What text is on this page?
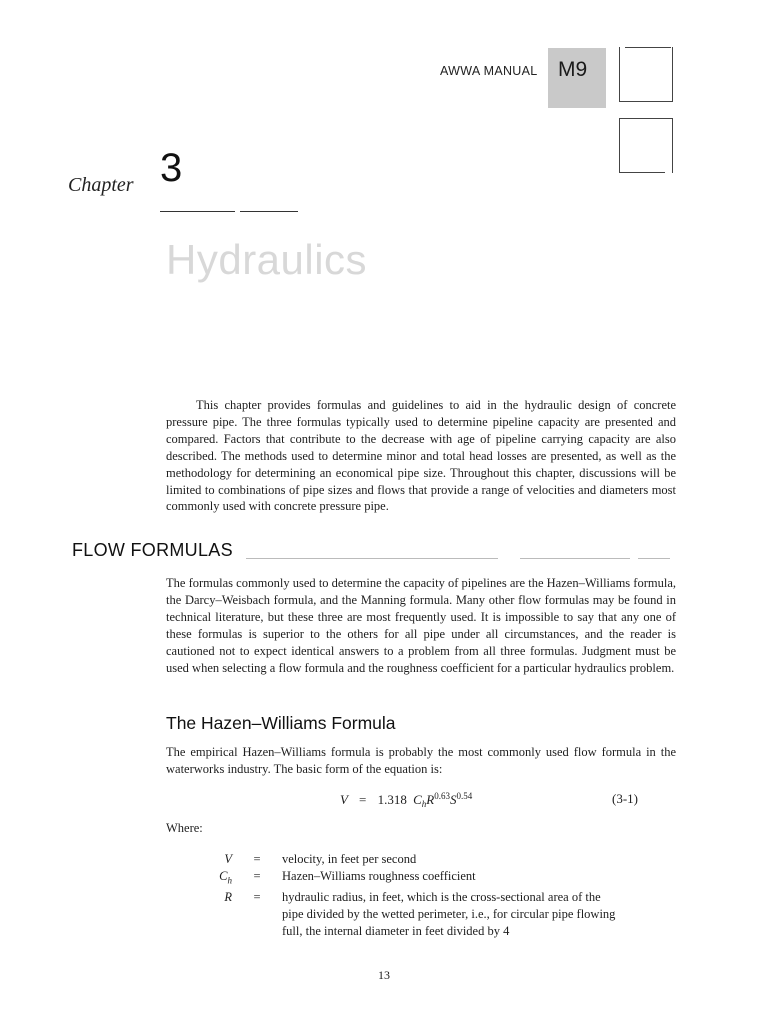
AWWA MANUAL M9
Chapter 3
Hydraulics

This chapter provides formulas and guidelines to aid in the hydraulic design of concrete pressure pipe. The three formulas typically used to determine pipeline capacity are presented and compared. Factors that contribute to the decrease with age of pipeline carrying capacity are also described. The methods used to determine minor and total head losses are presented, as well as the methodology for determining an economical pipe size. Throughout this chapter, discussions will be limited to combinations of pipe sizes and flows that provide a range of velocities and diameters most commonly used with concrete pressure pipe.

FLOW FORMULAS

The formulas commonly used to determine the capacity of pipelines are the Hazen–Williams formula, the Darcy–Weisbach formula, and the Manning formula. Many other flow formulas may be found in technical literature, but these three are most frequently used. It is impossible to say that any one of these formulas is superior to the others for all pipe under all circumstances, and the reader is cautioned not to expect identical answers to a problem from all three formulas. Judgment must be used when selecting a flow formula and the roughness coefficient for a particular hydraulics problem.

The Hazen–Williams Formula

The empirical Hazen–Williams formula is probably the most commonly used flow formula in the waterworks industry. The basic form of the equation is:

V = 1.318 $C_hR^{0.63}S^{0.54}$	(3-1)
Where:
V	=	velocity, in feet per second
$C_h$	=	Hazen–Williams roughness coefficient
R	=	hydraulic radius, in feet, which is the cross-sectional area of the
pipe divided by the wetted perimeter, i.e., for circular pipe flowing
full, the internal diameter in feet divided by 4
13
